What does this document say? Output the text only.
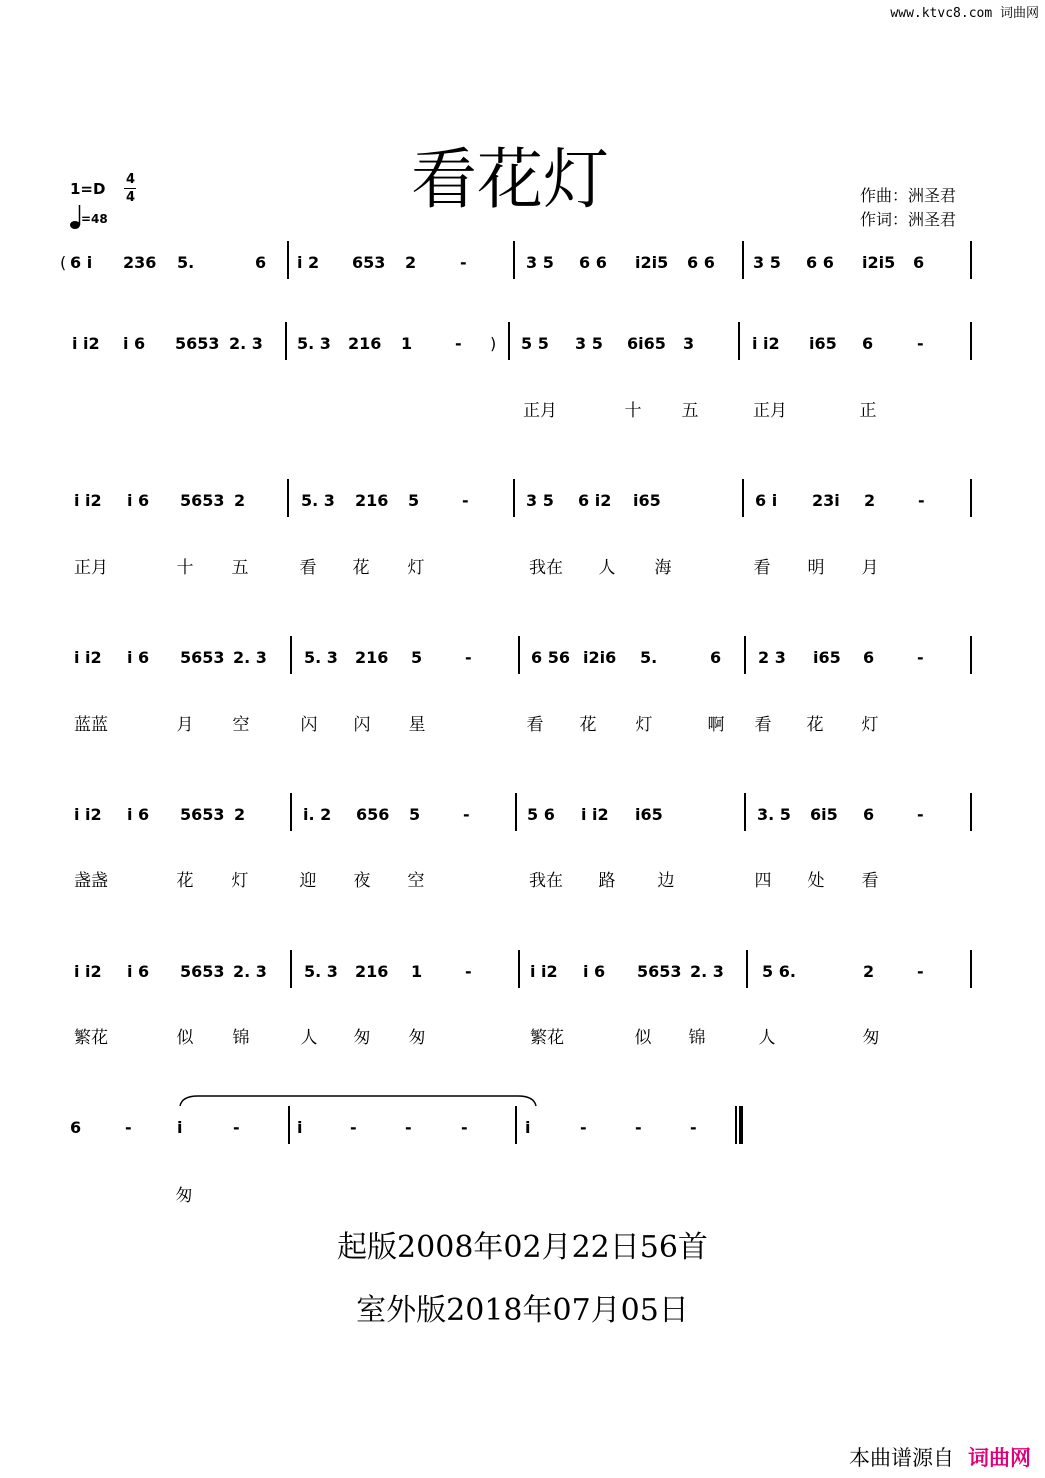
www.ktvc8.com 词曲网
看花灯
1=D
4
4
=48
作曲：洲圣君
作词：洲圣君
6 i 236 5.	6 i 2 653 2	-	3 5 6 6 i2i5 6 6 3 5 6 6 i2i5 6
i i2 i 6 5653 2. 3 5. 3 216 1	-	5 5 3 5 6i65 3	i i2 i65 6	-
正月	十 五	正月	正
i i2 i 6 5653 2	5. 3 216 5	-	3 5 6 i2 i65	6 i 23i 2	-
正月	十 五	看 花 灯	我在 人 海	看 明 月
i i2 i 6 5653 2. 3 5. 3 216 5	-	6 56 i2i6 5.	6 2 3 i65 6	-
蓝蓝	月 空	闪 闪 星	看 花 灯	啊 看 花 灯
i i2 i 6 5653 2	i. 2 656 5	-	5 6 i i2 i65	3. 5 6i5 6	-
盏盏	花 灯	迎 夜 空	我在 路 边	四 处 看
i i2 i 6 5653 2. 3 5. 3 216 1	-	i i2 i 6 5653 2. 3 5 6.	2	-
繁花	似 锦	人 匆 匆	繁花	似 锦	人	匆
6	-	i	-	i	-	-	-	i	-	-	-
匆
(
)
起版2008年02月22日56首
室外版2018年07月05日
本曲谱源自 词曲网
